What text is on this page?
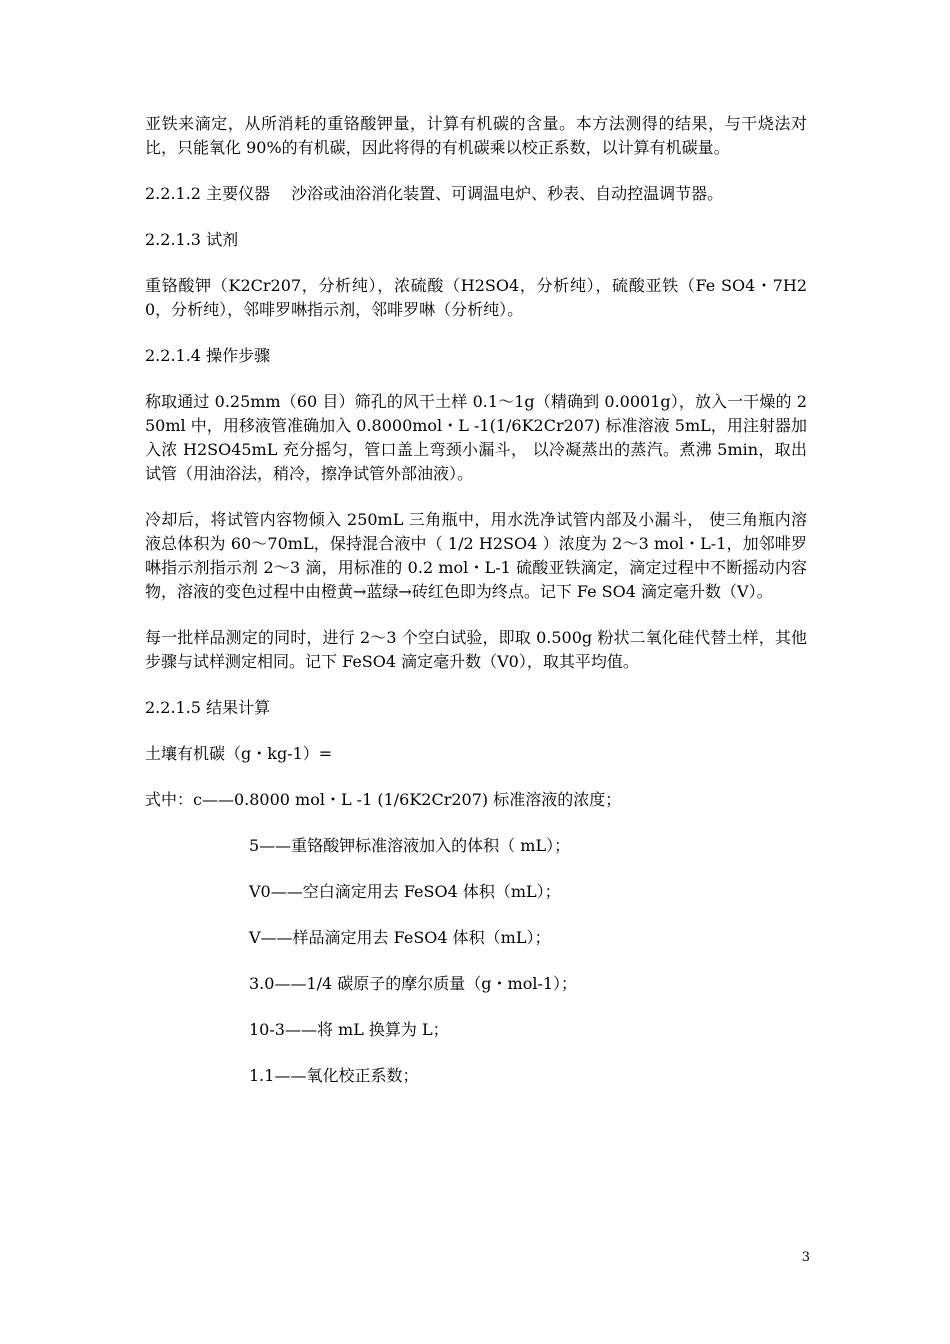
亚铁来滴定，从所消耗的重铬酸钾量，计算有机碳的含量。本方法测得的结果，与干烧法对比，只能氧化 90%的有机碳，因此将得的有机碳乘以校正系数，以计算有机碳量。

2.2.1.2 主要仪器　 沙浴或油浴消化装置、可调温电炉、秒表、自动控温调节器。

2.2.1.3 试剂

重铬酸钾（K2Cr207，分析纯），浓硫酸（H2SO4，分析纯），硫酸亚铁（Fe SO4・7H20，分析纯），邻啡罗啉指示剂，邻啡罗啉（分析纯）。

2.2.1.4 操作步骤

称取通过 0.25mm（60 目）筛孔的风干土样 0.1～1g（精确到 0.0001g），放入一干燥的 250ml 中，用移液管准确加入 0.8000mol・L -1(1/6K2Cr207) 标准溶液 5mL，用注射器加入浓 H2SO45mL 充分摇匀，管口盖上弯颈小漏斗， 以冷凝蒸出的蒸汽。煮沸 5min，取出试管（用油浴法，稍冷，擦净试管外部油液）。

冷却后，将试管内容物倾入 250mL 三角瓶中，用水洗净试管内部及小漏斗， 使三角瓶内溶液总体积为 60～70mL，保持混合液中（ 1/2 H2SO4 ）浓度为 2～3 mol・L-1，加邻啡罗啉指示剂指示剂 2～3 滴，用标准的 0.2 mol・L-1 硫酸亚铁滴定，滴定过程中不断摇动内容物，溶液的变色过程中由橙黄→蓝绿→砖红色即为终点。记下 Fe SO4 滴定毫升数（V）。

每一批样品测定的同时，进行 2～3 个空白试验，即取 0.500g 粉状二氧化硅代替土样，其他步骤与试样测定相同。记下 FeSO4 滴定毫升数（V0），取其平均值。

2.2.1.5 结果计算

土壤有机碳（g・kg-1）=

式中：c——0.8000 mol・L -1 (1/6K2Cr207) 标准溶液的浓度；

5——重铬酸钾标准溶液加入的体积（ mL）；

V0——空白滴定用去 FeSO4 体积（mL）；

V——样品滴定用去 FeSO4 体积（mL）；

3.0——1/4 碳原子的摩尔质量（g・mol-1）；

10-3——将 mL 换算为 L；

1.1——氧化校正系数；

3
